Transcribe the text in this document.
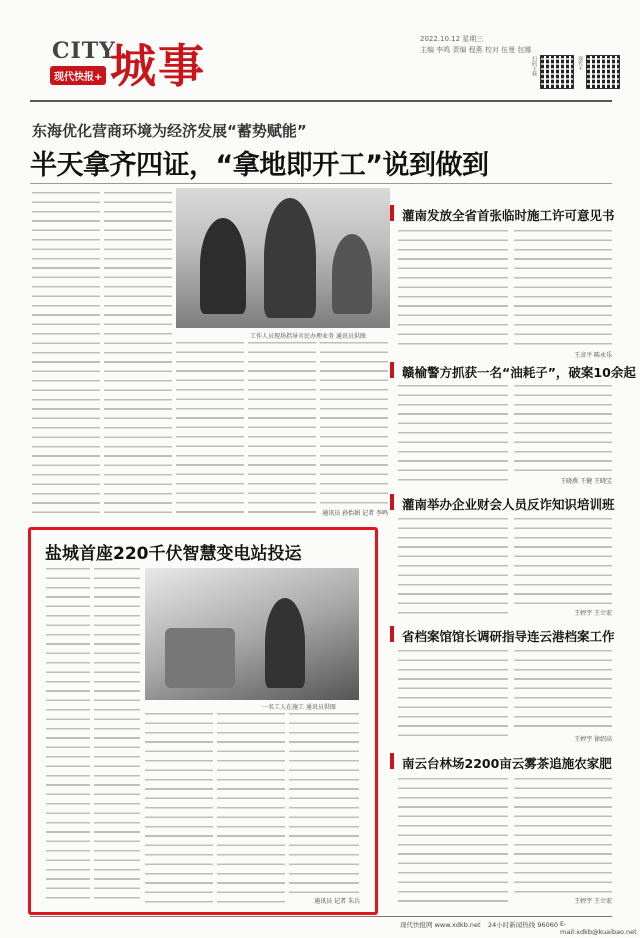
CITY
现代快报+ 城事	2022.10.12 星期三
主编 李鸣 责编 程燕 校对 伍曼 包娜
扫码下载	现代+
东海优化营商环境为经济发展“蓄势赋能”
半天拿齐四证，“拿地即开工”说到做到
工作人员现场指导市民办理业务 通讯员供图
通讯员 孙怡娟 记者 李鸣
盐城首座220千伏智慧变电站投运
一名工人在施工 通讯员供图
通讯员 记者 朱兵
灌南发放全省首张临时施工许可意见书
王彦平 陈永乐
赣榆警方抓获一名“油耗子”，破案10余起
王晓燕 王健 王晓宝
灌南举办企业财会人员反诈知识培训班
王婷宇 王立宏
省档案馆馆长调研指导连云港档案工作
王婷宇 徐绍高
南云台林场2200亩云雾茶追施农家肥
王婷宇 王立宏
现代快报网 www.xdkb.net 24小时新闻热线 96060 E-mail:xdkb@kuaibao.net
